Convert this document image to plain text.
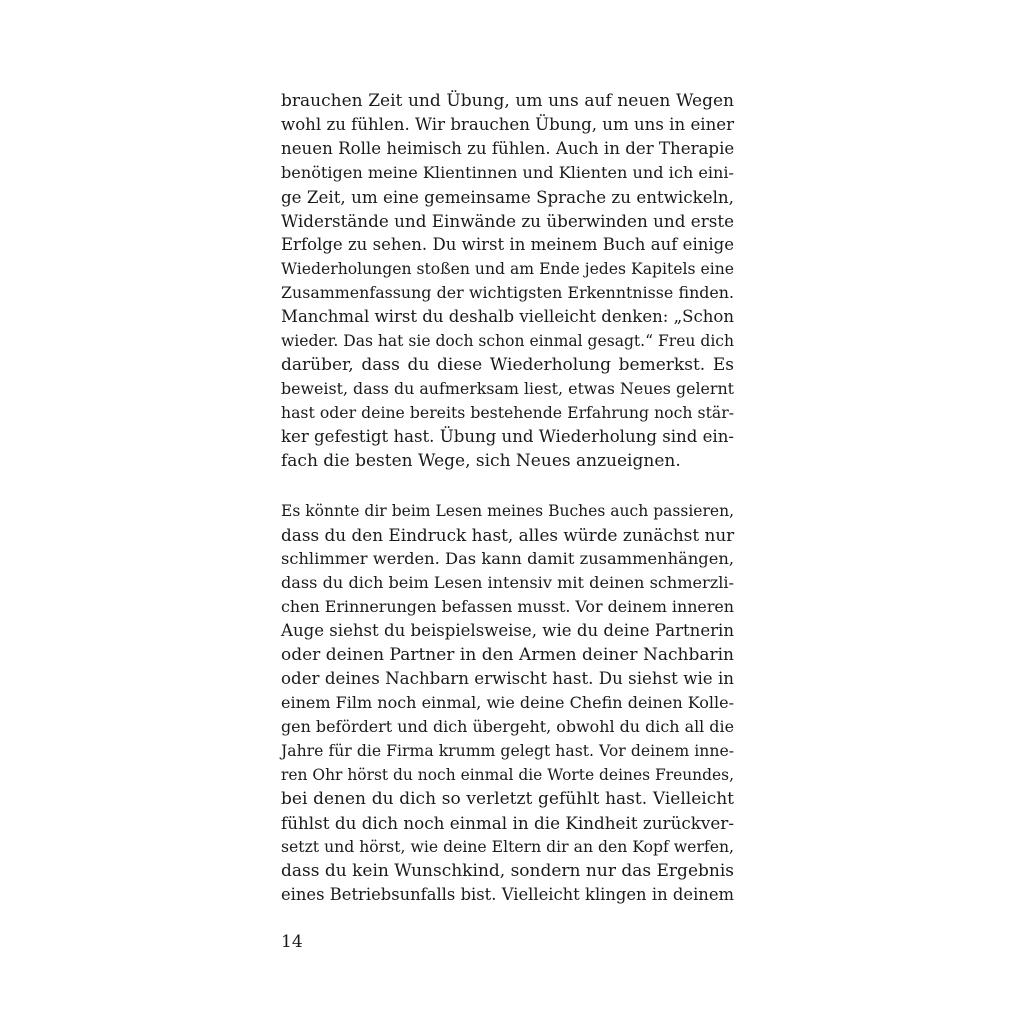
brauchen Zeit und Übung, um uns auf neuen Wegen
wohl zu fühlen. Wir brauchen Übung, um uns in einer
neuen Rolle heimisch zu fühlen. Auch in der Therapie
benötigen meine Klientinnen und Klienten und ich eini-
ge Zeit, um eine gemeinsame Sprache zu entwickeln,
Widerstände und Einwände zu überwinden und erste
Erfolge zu sehen. Du wirst in meinem Buch auf einige
Wiederholungen stoßen und am Ende jedes Kapitels eine
Zusammenfassung der wichtigsten Erkenntnisse finden.
Manchmal wirst du deshalb vielleicht denken: „Schon
wieder. Das hat sie doch schon einmal gesagt.“ Freu dich
darüber, dass du diese Wiederholung bemerkst. Es
beweist, dass du aufmerksam liest, etwas Neues gelernt
hast oder deine bereits bestehende Erfahrung noch stär-
ker gefestigt hast. Übung und Wiederholung sind ein-
fach die besten Wege, sich Neues anzueignen.
Es könnte dir beim Lesen meines Buches auch passieren,
dass du den Eindruck hast, alles würde zunächst nur
schlimmer werden. Das kann damit zusammenhängen,
dass du dich beim Lesen intensiv mit deinen schmerzli-
chen Erinnerungen befassen musst. Vor deinem inneren
Auge siehst du beispielsweise, wie du deine Partnerin
oder deinen Partner in den Armen deiner Nachbarin
oder deines Nachbarn erwischt hast. Du siehst wie in
einem Film noch einmal, wie deine Chefin deinen Kolle-
gen befördert und dich übergeht, obwohl du dich all die
Jahre für die Firma krumm gelegt hast. Vor deinem inne-
ren Ohr hörst du noch einmal die Worte deines Freundes,
bei denen du dich so verletzt gefühlt hast. Vielleicht
fühlst du dich noch einmal in die Kindheit zurückver-
setzt und hörst, wie deine Eltern dir an den Kopf werfen,
dass du kein Wunschkind, sondern nur das Ergebnis
eines Betriebsunfalls bist. Vielleicht klingen in deinem
14
